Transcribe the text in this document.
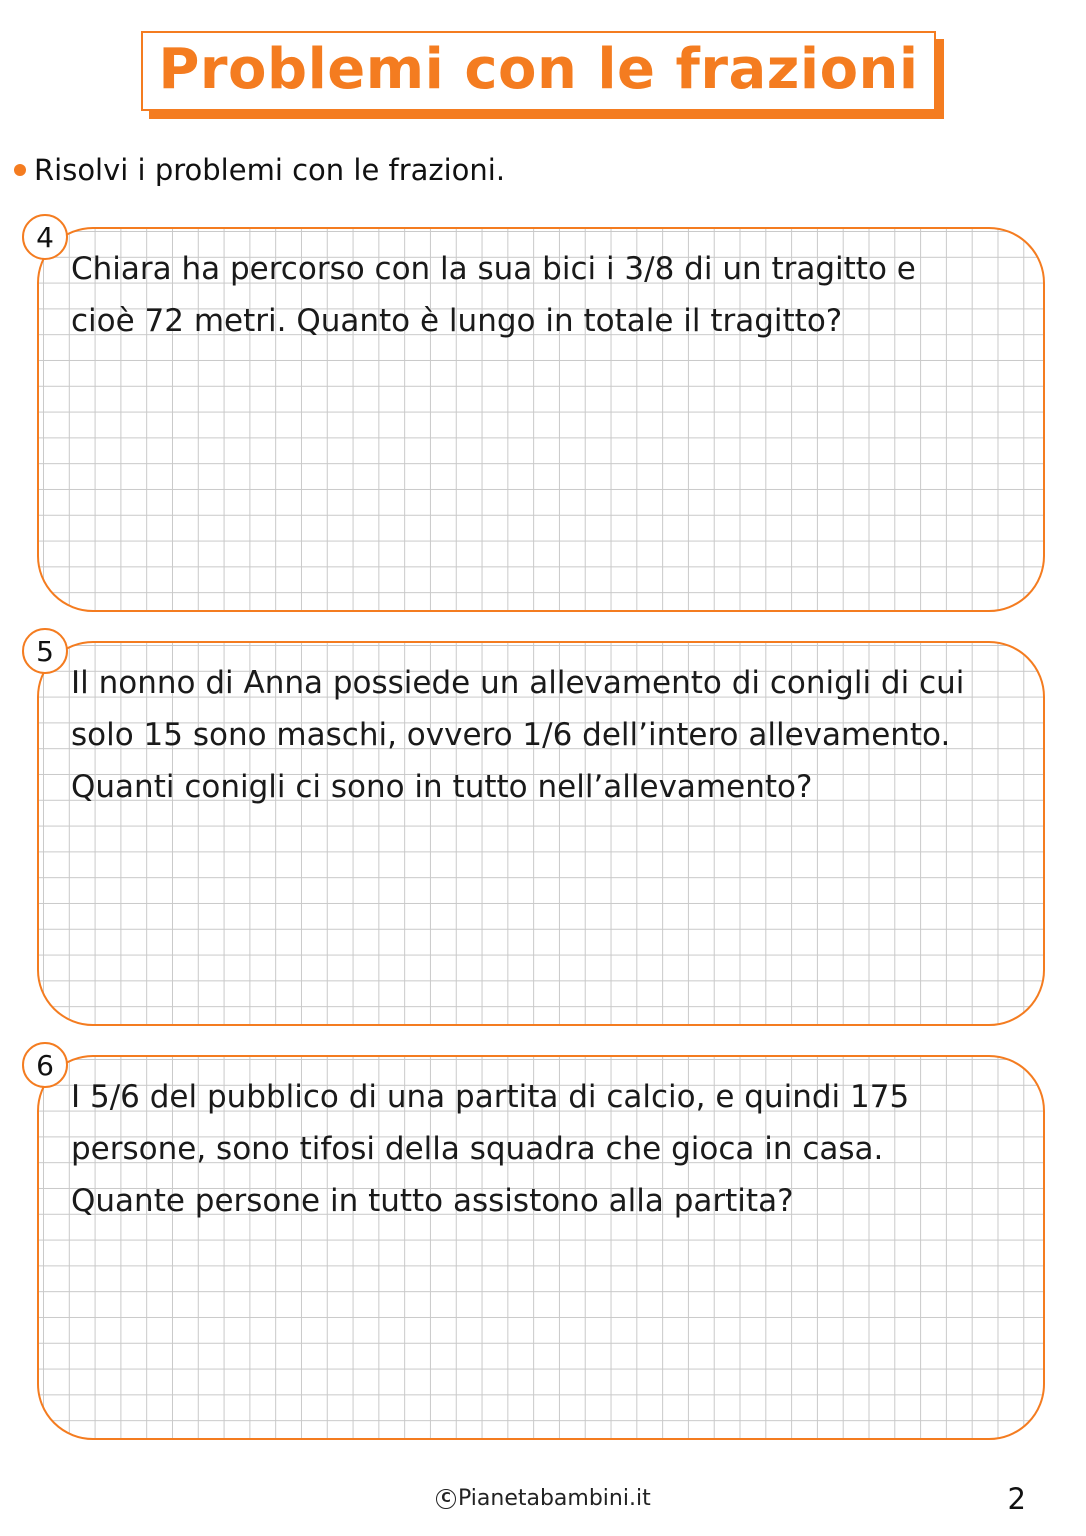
Problemi con le frazioni
Risolvi i problemi con le frazioni.

Chiara ha percorso con la sua bici i 3/8 di un tragitto e
cioè 72 metri. Quanto è lungo in totale il tragitto?

4

Il nonno di Anna possiede un allevamento di conigli di cui
solo 15 sono maschi, ovvero 1/6 dell’intero allevamento.
Quanti conigli ci sono in tutto nell’allevamento?

5

I 5/6 del pubblico di una partita di calcio, e quindi 175
persone, sono tifosi della squadra che gioca in casa.
Quante persone in tutto assistono alla partita?

6
C Pianetabambini.it	2
